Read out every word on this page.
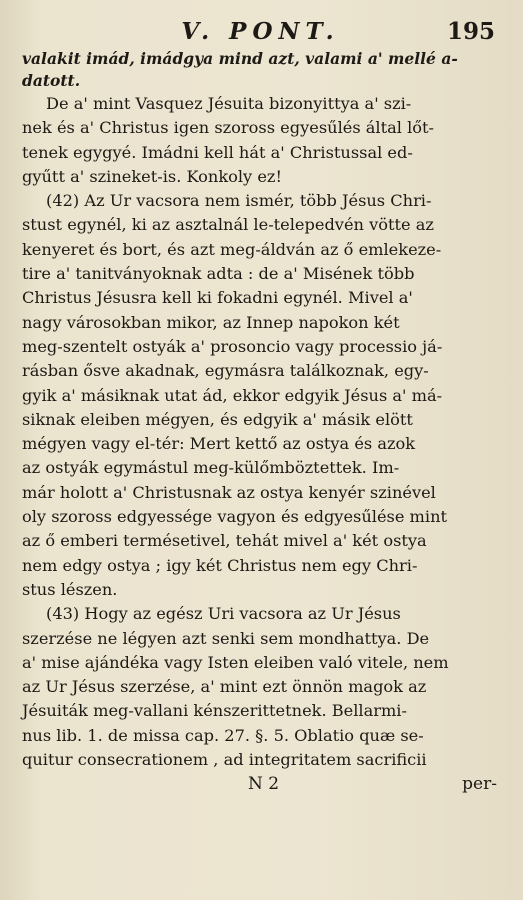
V. PONT.	195

valakit imád, imádgya mind azt, valami a' mellé a-

datott.

De a' mint Vasquez Jésuita bizonyittya a' szi-

nek és a' Christus igen szoross egyesűlés által lőt-

tenek egygyé. Imádni kell hát a' Christussal ed-

gyűtt a' szineket-is. Konkoly ez!

(42) Az Ur vacsora nem ismér, több Jésus Chri-

stust egynél, ki az asztalnál le-telepedvén vötte az

kenyeret és bort, és azt meg-áldván az ő emlekeze-

tire a' tanitványoknak adta : de a' Misének több

Christus Jésusra kell ki fokadni egynél. Mivel a'

nagy városokban mikor, az Innep napokon két

meg-szentelt ostyák a' prosoncio vagy processio já-

rásban ősve akadnak, egymásra találkoznak, egy-

gyik a' másiknak utat ád, ekkor edgyik Jésus a' má-

siknak eleiben mégyen, és edgyik a' másik elött

mégyen vagy el-tér: Mert kettő az ostya és azok

az ostyák egymástul meg-külőmböztettek. Im-

már holott a' Christusnak az ostya kenyér szinével

oly szoross edgyessége vagyon és edgyesűlése mint

az ő emberi termésetivel, tehát mivel a' két ostya

nem edgy ostya ; igy két Christus nem egy Chri-

stus lészen.

(43) Hogy az egész Uri vacsora az Ur Jésus

szerzése ne légyen azt senki sem mondhattya. De

a' mise ajándéka vagy Isten eleiben való vitele, nem

az Ur Jésus szerzése, a' mint ezt önnön magok az

Jésuiták meg-vallani kénszerittetnek. Bellarmi-

nus lib. 1. de missa cap. 27. §. 5. Oblatio quæ se-

quitur consecrationem , ad integritatem sacrificii

N 2	per-
